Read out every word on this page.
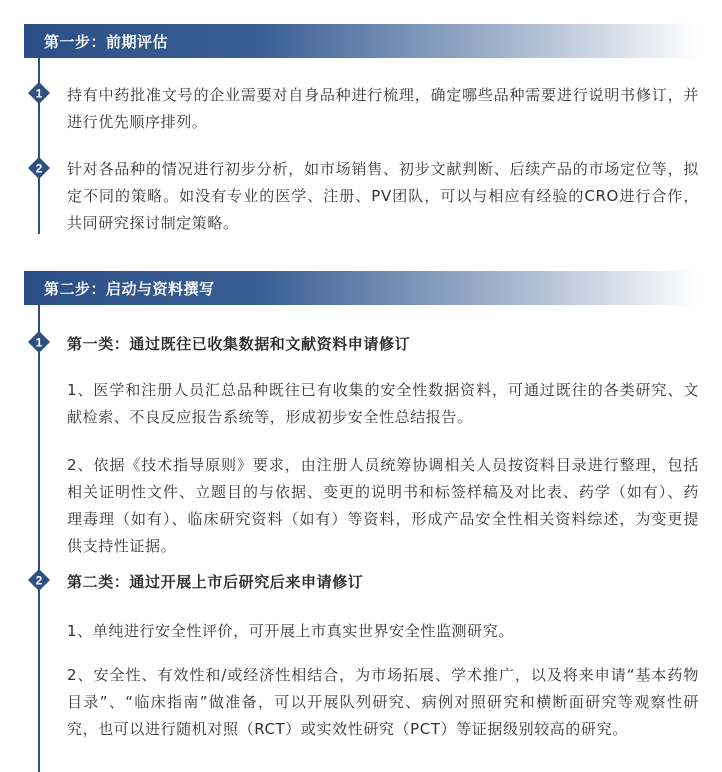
第一步：前期评估
1 持有中药批准文号的企业需要对自身品种进行梳理，确定哪些品种需要进行说明书修订，并进行优先顺序排列。
2 针对各品种的情况进行初步分析，如市场销售、初步文献判断、后续产品的市场定位等，拟定不同的策略。如没有专业的医学、注册、PV团队，可以与相应有经验的CRO进行合作，共同研究探讨制定策略。
第二步：启动与资料撰写
1 第一类：通过既往已收集数据和文献资料申请修订
1、医学和注册人员汇总品种既往已有收集的安全性数据资料，可通过既往的各类研究、文献检索、不良反应报告系统等，形成初步安全性总结报告。
2、依据《技术指导原则》要求，由注册人员统筹协调相关人员按资料目录进行整理，包括相关证明性文件、立题目的与依据、变更的说明书和标签样稿及对比表、药学（如有）、药理毒理（如有）、临床研究资料（如有）等资料，形成产品安全性相关资料综述，为变更提供支持性证据。
2 第二类：通过开展上市后研究后来申请修订
1、单纯进行安全性评价，可开展上市真实世界安全性监测研究。
2、安全性、有效性和/或经济性相结合，为市场拓展、学术推广，以及将来申请“基本药物目录”、“临床指南”做准备，可以开展队列研究、病例对照研究和横断面研究等观察性研究，也可以进行随机对照（RCT）或实效性研究（PCT）等证据级别较高的研究。
